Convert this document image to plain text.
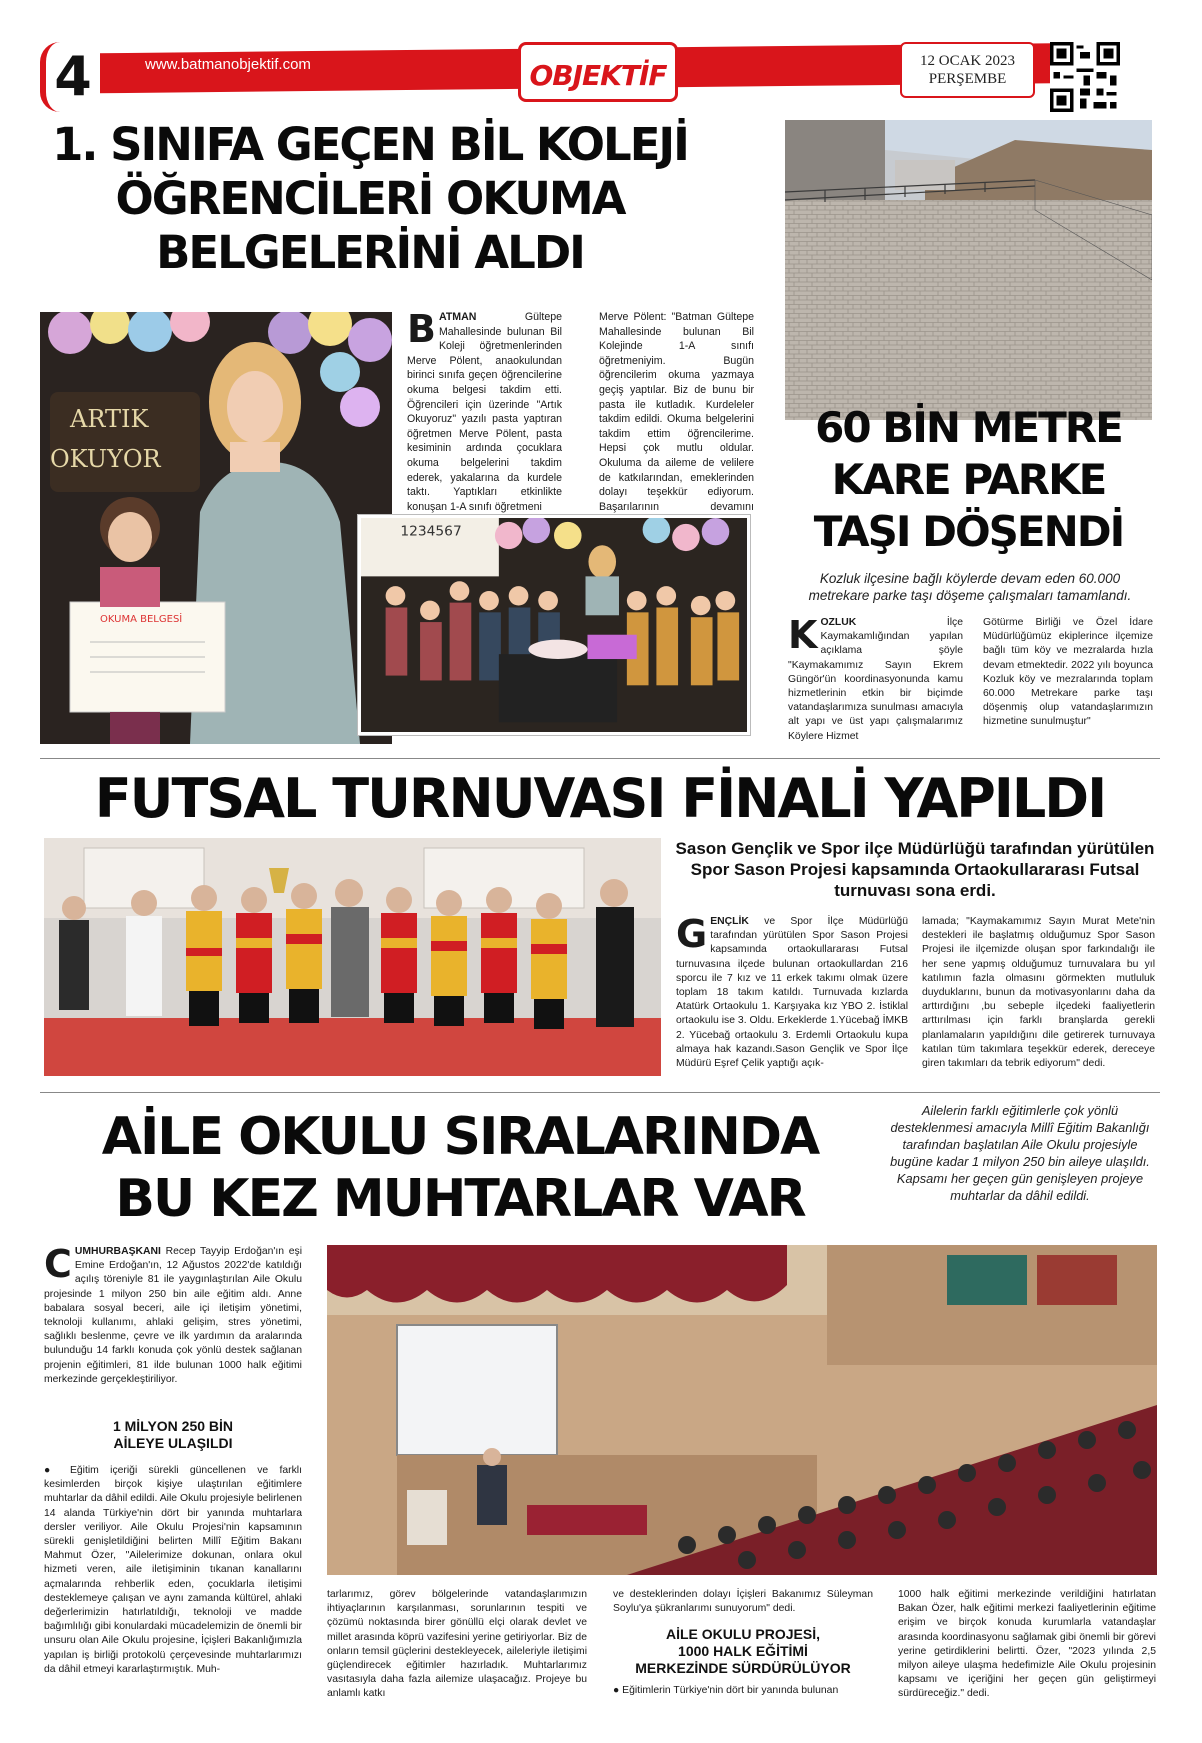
4	www.batmanobjektif.com	OBJEKTİF	12 OCAK 2023
PERŞEMBE
1. SINIFA GEÇEN BİL KOLEJİ
ÖĞRENCİLERİ OKUMA
BELGELERİNİ ALDI
ARTIK
OKUYOR
OKUMA BELGESİ
BATMAN	Gültepe Mahallesinde bulunan Bil Koleji öğretmenlerinden Merve Pölent, anaokulundan birinci sınıfa geçen öğrencilerine okuma belgesi takdim etti. Öğrencileri için üzerinde "Artık Okuyoruz" yazılı pasta yaptıran öğretmen Merve Pölent, pasta kesiminin ardında çocuklara okuma belgelerini takdim ederek, yakalarına da kurdele taktı. Yaptıkları etkinlikte konuşan 1-A sınıfı öğretmeni
Merve Pölent: "Batman Gültepe Mahallesinde bulunan Bil Kolejinde 1-A sınıfı öğretmeniyim. Bugün öğrencilerim okuma yazmaya geçiş yaptılar. Biz de bunu bir pasta ile kutladık. Kurdeleler takdim edildi. Okuma belgelerini takdim ettim öğrencilerime. Hepsi çok mutlu oldular. Okuluma da aileme de velilere de katkılarından, emeklerinden dolayı teşekkür ediyorum. Başarılarının devamını
1234567
60 BİN METRE
KARE PARKE
TAŞI DÖŞENDİ
Kozluk ilçesine bağlı köylerde devam eden 60.000 metrekare parke taşı döşeme çalışmaları tamamlandı.
KOZLUK	İlçe Kaymakamlığından yapılan açıklama şöyle "Kaymakamımız Sayın Ekrem Güngör'ün koordinasyonunda kamu hizmetlerinin etkin bir biçimde vatandaşlarımıza sunulması amacıyla alt yapı ve üst yapı çalışmalarımız Köylere Hizmet
Götürme Birliği ve Özel İdare Müdürlüğümüz ekiplerince ilçemize bağlı tüm köy ve mezralarda hızla devam etmektedir. 2022 yılı boyunca Kozluk köy ve mezralarında toplam 60.000 Metrekare parke taşı döşenmiş olup vatandaşlarımızın hizmetine sunulmuştur"
FUTSAL TURNUVASI FİNALİ YAPILDI
Sason Gençlik ve Spor ilçe Müdürlüğü tarafından yürütülen Spor Sason Projesi kapsamında Ortaokullararası Futsal turnuvası sona erdi.
GENÇLİK ve Spor İlçe Müdürlüğü tarafından yürütülen Spor Sason Projesi kapsamında ortaokullararası Futsal turnuvasına ilçede bulunan ortaokullardan 216 sporcu ile 7 kız ve 11 erkek takımı olmak üzere toplam 18 takım katıldı. Turnuvada kızlarda Atatürk Ortaokulu 1. Karşıyaka kız YBO 2. İstiklal ortaokulu ise 3. Oldu. Erkeklerde 1.Yücebağ İMKB 2. Yücebağ ortaokulu 3. Erdemli Ortaokulu kupa almaya hak kazandı.Sason Gençlik ve Spor İlçe Müdürü Eşref Çelik yaptığı açık-
lamada; "Kaymakamımız Sayın Murat Mete'nin destekleri ile başlatmış olduğumuz Spor Sason Projesi ile ilçemizde oluşan spor farkındalığı ile her sene yapmış olduğumuz turnuvalara bu yıl katılımın fazla olmasını görmekten mutluluk duyduklarını, bunun da motivasyonlarını daha da arttırdığını ,bu sebeple ilçedeki faaliyetlerin arttırılması için farklı branşlarda gerekli planlamaların yapıldığını dile getirerek turnuvaya katılan tüm takımlara teşekkür ederek, dereceye giren takımları da tebrik ediyorum" dedi.
AİLE OKULU SIRALARINDA
BU KEZ MUHTARLAR VAR
Ailelerin farklı eğitimlerle çok yönlü desteklenmesi amacıyla Millî Eğitim Bakanlığı tarafından başlatılan Aile Okulu projesiyle bugüne kadar 1 milyon 250 bin aileye ulaşıldı. Kapsamı her geçen gün genişleyen projeye muhtarlar da dâhil edildi.
CUMHURBAŞKANI Recep Tayyip Erdoğan'ın eşi Emine Erdoğan'ın, 12 Ağustos 2022'de katıldığı açılış töreniyle 81 ile yaygınlaştırılan Aile Okulu projesinde 1 milyon 250 bin aile eğitim aldı. Anne babalara sosyal beceri, aile içi iletişim yönetimi, teknoloji kullanımı, ahlaki gelişim, stres yönetimi, sağlıklı beslenme, çevre ve ilk yardımın da aralarında bulunduğu 14 farklı konuda çok yönlü destek sağlanan projenin eğitimleri, 81 ilde bulunan 1000 halk eğitimi merkezinde gerçekleştiriliyor.
1 MİLYON 250 BİN
AİLEYE ULAŞILDI
● Eğitim içeriği sürekli güncellenen ve farklı kesimlerden birçok kişiye ulaştırılan eğitimlere muhtarlar da dâhil edildi. Aile Okulu projesiyle belirlenen 14 alanda Türkiye'nin dört bir yanında muhtarlara dersler veriliyor. Aile Okulu Projesi'nin kapsamının sürekli genişletildiğini belirten Millî Eğitim Bakanı Mahmut Özer, "Ailelerimize dokunan, onlara okul hizmeti veren, aile iletişiminin tıkanan kanallarını açmalarında rehberlik eden, çocuklarla iletişimi desteklemeye çalışan ve aynı zamanda kültürel, ahlaki değerlerimizin hatırlatıldığı, teknoloji ve madde bağımlılığı gibi konulardaki mücadelemizin de önemli bir unsuru olan Aile Okulu projesine, İçişleri Bakanlığımızla yapılan iş birliği protokolü çerçevesinde muhtarlarımızı da dâhil etmeyi kararlaştırmıştık. Muh-
tarlarımız, görev bölgelerinde vatandaşlarımızın ihtiyaçlarının karşılanması, sorunlarının tespiti ve çözümü noktasında birer gönüllü elçi olarak devlet ve millet arasında köprü vazifesini yerine getiriyorlar. Biz de onların temsil güçlerini destekleyecek, aileleriyle iletişimi güçlendirecek eğitimler hazırladık. Muhtarlarımız vasıtasıyla daha fazla ailemize ulaşacağız. Projeye bu anlamlı katkı
ve desteklerinden dolayı İçişleri Bakanımız Süleyman Soylu'ya şükranlarımı sunuyorum" dedi.
AİLE OKULU PROJESİ,
1000 HALK EĞİTİMİ
MERKEZİNDE SÜRDÜRÜLÜYOR
● Eğitimlerin Türkiye'nin dört bir yanında bulunan
1000 halk eğitimi merkezinde verildiğini hatırlatan Bakan Özer, halk eğitimi merkezi faaliyetlerinin eğitime erişim ve birçok konuda kurumlarla vatandaşlar arasında koordinasyonu sağlamak gibi önemli bir görevi yerine getirdiklerini belirtti. Özer, "2023 yılında 2,5 milyon aileye ulaşma hedefimizle Aile Okulu projesinin kapsamı ve içeriğini her geçen gün geliştirmeyi sürdüreceğiz." dedi.
